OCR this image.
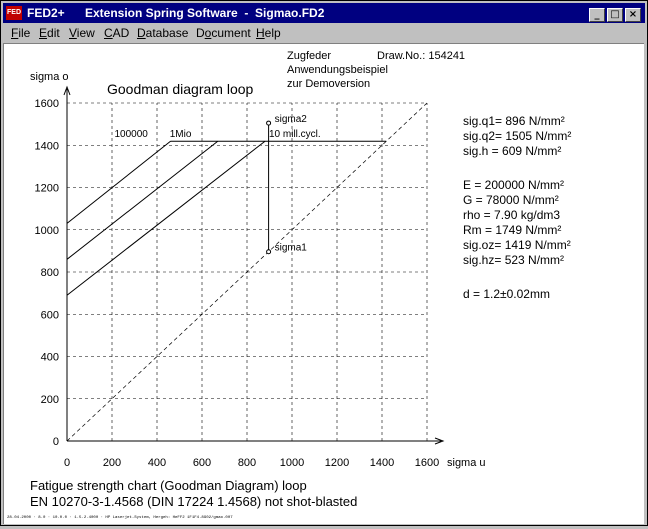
FED FED2+ Extension Spring Software  -  Sigmao.FD2	_ □ ×
File Edit View CAD Database Document Help
100000 1Mio	10 mill.cycl.
sigma1
sigma2
0	200 400 600 800 1000 1200 1400 1600
0
200
400
600
800
1000
1200
1400
1600
Goodman diagram loop
sigma o
sigma u
Zugfeder	Draw.No.: 154241
Anwendungsbeispiel
zur Demoversion
sig.q1= 896 N/mm²
sig.q2= 1505 N/mm²
sig.h = 609 N/mm²
E = 200000 N/mm²
G = 78000 N/mm²
rho = 7.90 kg/dm3
Rm = 1749 N/mm²
sig.oz= 1419 N/mm²
sig.hz= 523 N/mm²
d = 1.2±0.02mm
Fatigue strength chart (Goodman Diagram) loop
EN 10270-3-1.4568 (DIN 17224 1.4568) not shot-blasted
28.04.2000 · 8.0 · 10.0.0 · 1.5.2.4000 · HP Laserjet-System, Hergeh: HeFF2 1F1F4.8902/gmao.007
